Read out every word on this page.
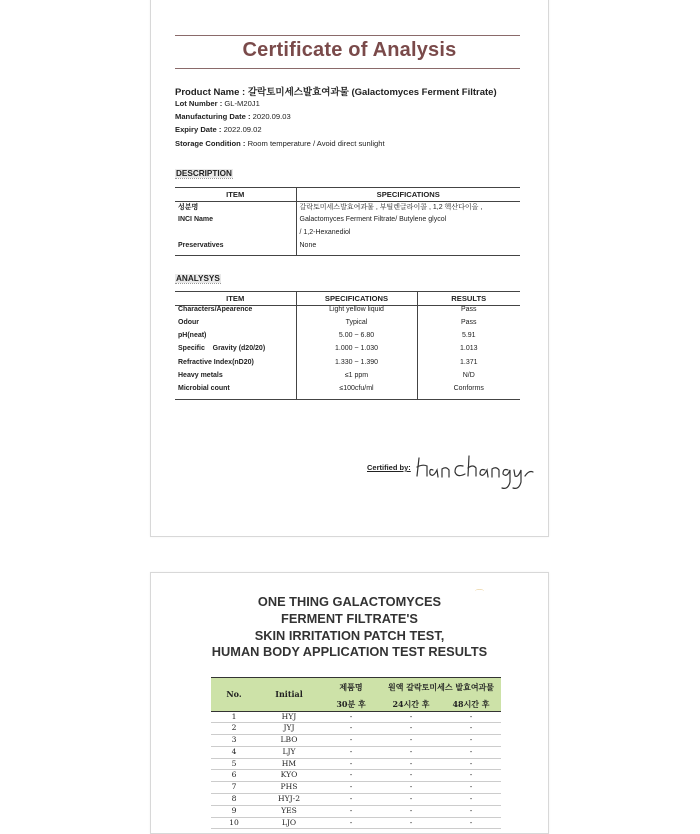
Certificate of Analysis
Product Name : 갈락토미세스발효여과물 (Galactomyces Ferment Filtrate)
Lot Number : GL-M20J1
Manufacturing Date : 2020.09.03
Expiry Date : 2022.09.02
Storage Condition : Room temperature / Avoid direct sunlight
DESCRIPTION
ITEM	SPECIFICATIONS
성분명	갈락토미세스발효여과물 , 부틸렌글라이콜 , 1,2 헥산다이올 ,
INCI Name	Galactomyces Ferment Filtrate/ Butylene glycol
	/ 1,2-Hexanediol
Preservatives	None
ANALYSYS
ITEM	SPECIFICATIONS	RESULTS
Characters/Apearence	Light yellow liquid	Pass
Odour	Typical	Pass
pH(neat)	5.00 ~ 6.80	5.91
Specific    Gravity (d20/20)	1.000 ~ 1.030	1.013
Refractive Index(nD20)	1.330 ~ 1.390	1.371
Heavy metals	≤1 ppm	N/D
Microbial count	≤100cfu/ml	Conforms
Certified by:
⌒
ONE THING GALACTOMYCES
FERMENT FILTRATE'S
SKIN IRRITATION PATCH TEST,
HUMAN BODY APPLICATION TEST RESULTS
No.	Initial	제품명	원액 갈락토미세스 발효여과물	
		30분 후	24시간 후	48시간 후
1	HYJ	-	-	-
2	JYJ	-	-	-
3	LBO	-	-	-
4	LJY	-	-	-
5	HM	-	-	-
6	KYO	-	-	-
7	PHS	-	-	-
8	HYJ-2	-	-	-
9	YES	-	-	-
10	LJO	-	-	-
